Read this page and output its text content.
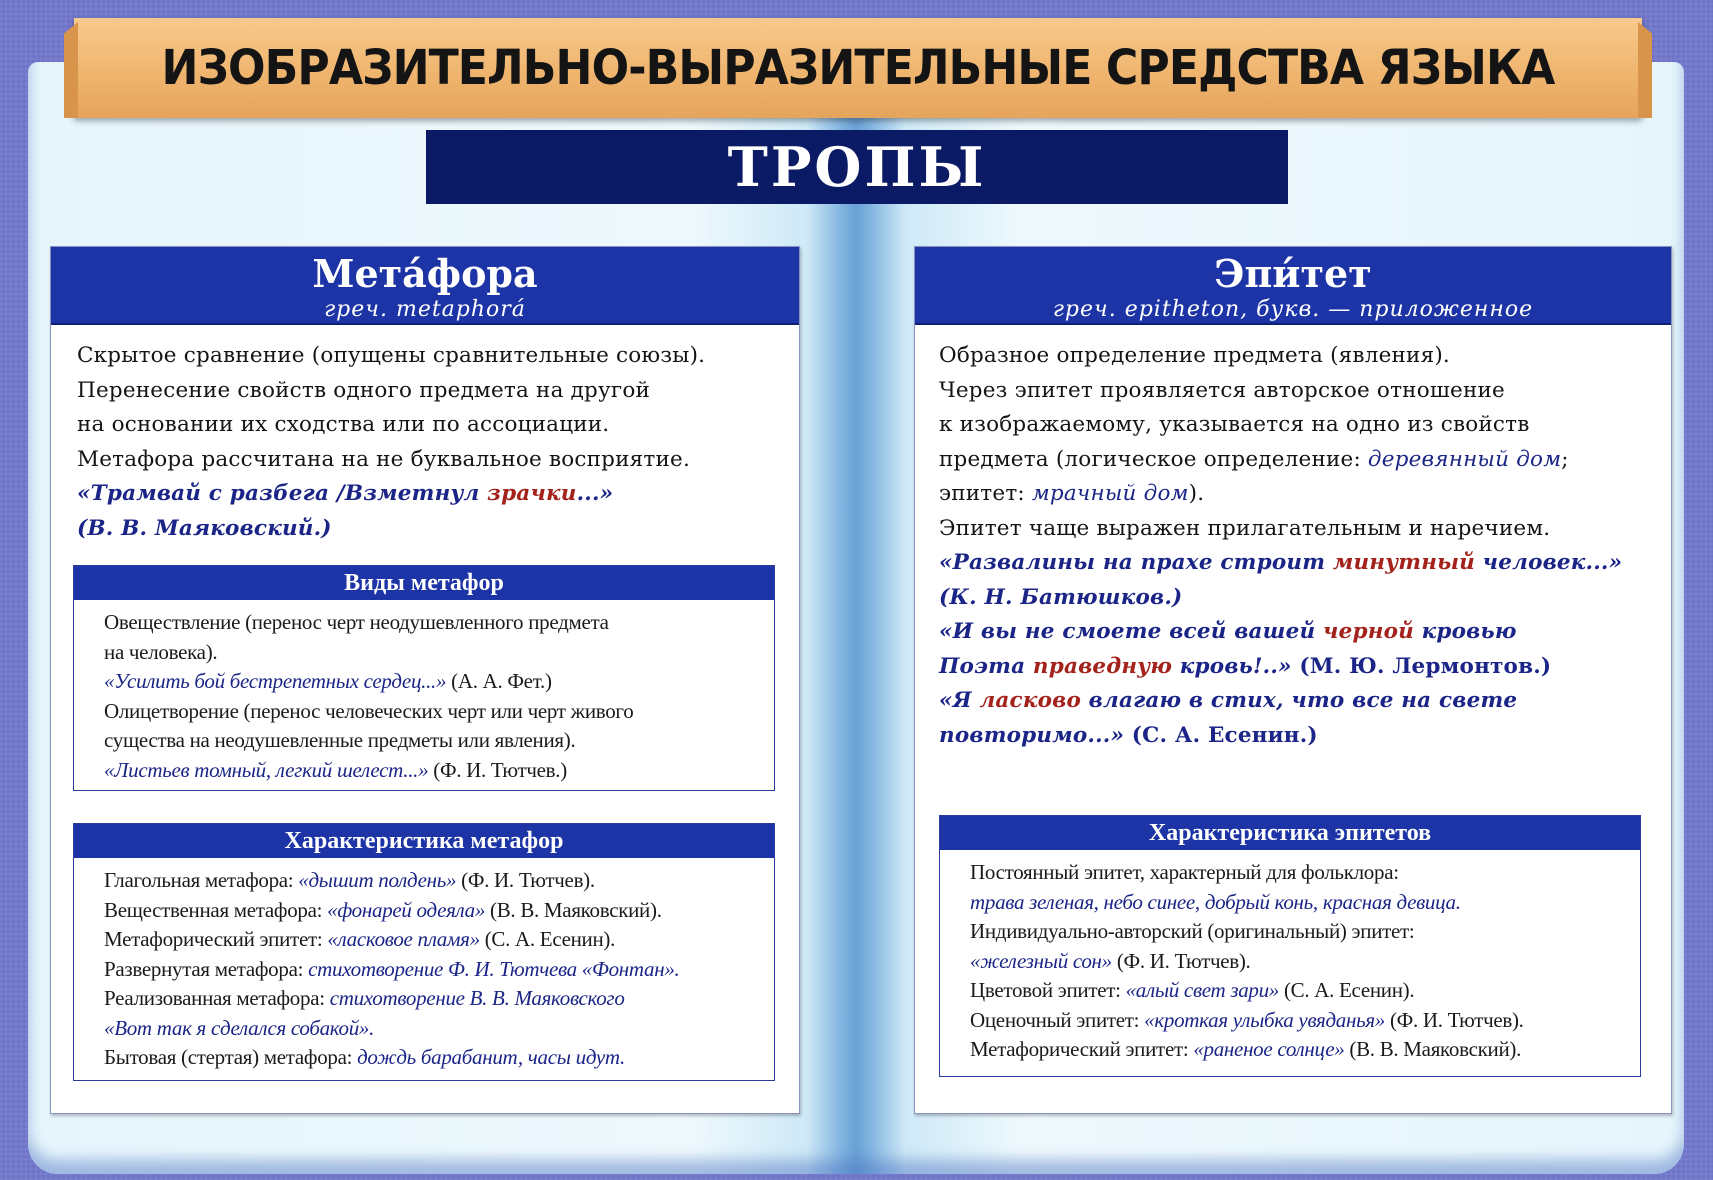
ИЗОБРАЗИТЕЛЬНО-ВЫРАЗИТЕЛЬНЫЕ СРЕДСТВА ЯЗЫКА
ТРОПЫ
Мета́фора
греч. metaphorá
Скрытое сравнение (опущены сравнительные союзы).
Перенесение свойств одного предмета на другой
на основании их сходства или по ассоциации.
Метафора рассчитана на не буквальное восприятие.
«Трамвай с разбега /Взметнул зрачки...»
(В. В. Маяковский.)
Виды метафор
Овеществление (перенос черт неодушевленного предмета
на человека).
«Усилить бой бестрепетных сердец...» (А. А. Фет.)
Олицетворение (перенос человеческих черт или черт живого
существа на неодушевленные предметы или явления).
«Листьев томный, легкий шелест...» (Ф. И. Тютчев.)
Характеристика метафор
Глагольная метафора: «дышит полдень» (Ф. И. Тютчев).
Вещественная метафора: «фонарей одеяла» (В. В. Маяковский).
Метафорический эпитет: «ласковое пламя» (С. А. Есенин).
Развернутая метафора: стихотворение Ф. И. Тютчева «Фонтан».
Реализованная метафора: стихотворение В. В. Маяковского
«Вот так я сделался собакой».
Бытовая (стертая) метафора: дождь барабанит, часы идут.
Эпи́тет
греч. epitheton, букв. — приложенное
Образное определение предмета (явления).
Через эпитет проявляется авторское отношение
к изображаемому, указывается на одно из свойств
предмета (логическое определение: деревянный дом;
эпитет: мрачный дом).
Эпитет чаще выражен прилагательным и наречием.
«Развалины на прахе строит минутный человек...»
(К. Н. Батюшков.)
«И вы не смоете всей вашей черной кровью
Поэта праведную кровь!..» (М. Ю. Лермонтов.)
«Я ласково влагаю в стих, что все на свете
повторимо...» (С. А. Есенин.)
Характеристика эпитетов
Постоянный эпитет, характерный для фольклора:
трава зеленая, небо синее, добрый конь, красная девица.
Индивидуально-авторский (оригинальный) эпитет:
«железный сон» (Ф. И. Тютчев).
Цветовой эпитет: «алый свет зари» (С. А. Есенин).
Оценочный эпитет: «кроткая улыбка увяданья» (Ф. И. Тютчев).
Метафорический эпитет: «раненое солнце» (В. В. Маяковский).
